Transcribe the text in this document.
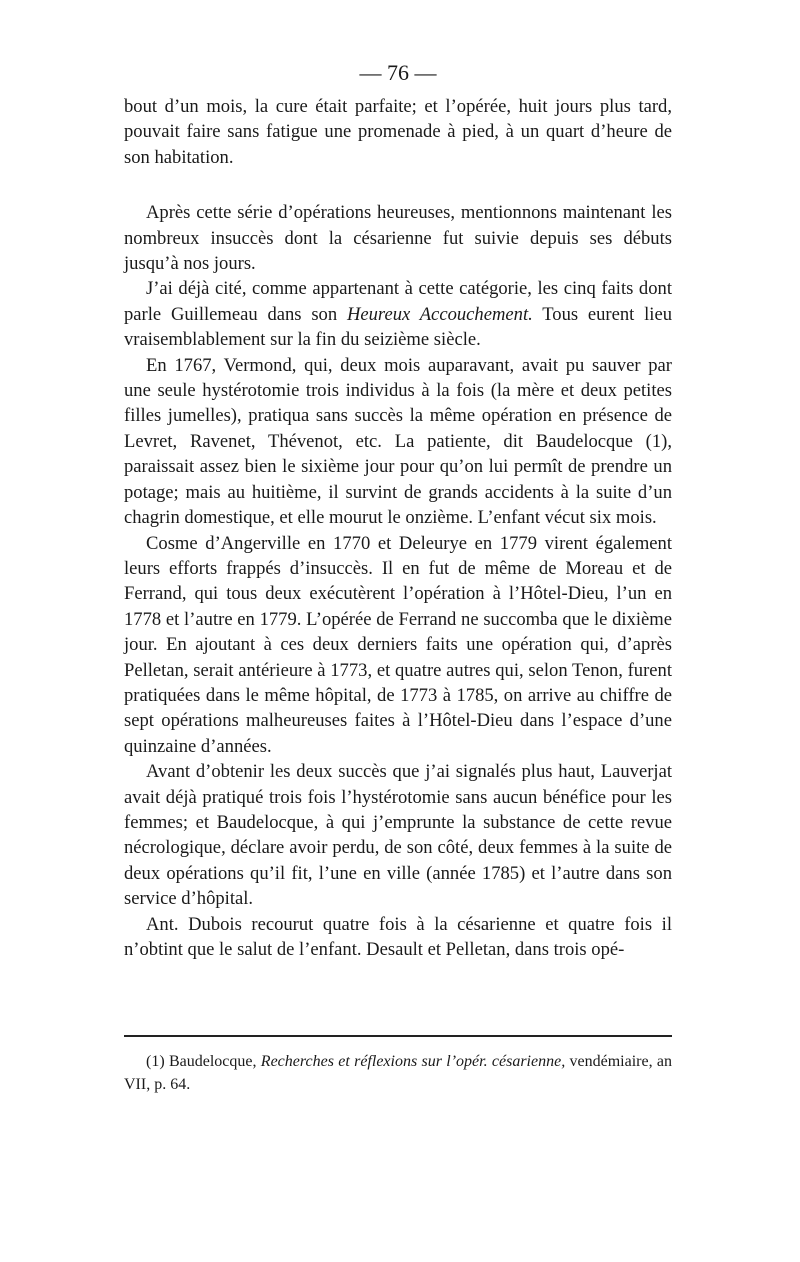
— 76 —

bout d’un mois, la cure était parfaite; et l’opérée, huit jours plus tard, pouvait faire sans fatigue une promenade à pied, à un quart d’heure de son habitation.

Après cette série d’opérations heureuses, mentionnons maintenant les nombreux insuccès dont la césarienne fut suivie depuis ses débuts jusqu’à nos jours.

J’ai déjà cité, comme appartenant à cette catégorie, les cinq faits dont parle Guillemeau dans son Heureux Accouchement. Tous eurent lieu vraisemblablement sur la fin du seizième siècle.

En 1767, Vermond, qui, deux mois auparavant, avait pu sauver par une seule hystérotomie trois individus à la fois (la mère et deux petites filles jumelles), pratiqua sans succès la même opération en présence de Levret, Ravenet, Thévenot, etc. La patiente, dit Baudelocque (1), paraissait assez bien le sixième jour pour qu’on lui permît de prendre un potage; mais au huitième, il survint de grands accidents à la suite d’un chagrin domestique, et elle mourut le onzième. L’enfant vécut six mois.

Cosme d’Angerville en 1770 et Deleurye en 1779 virent également leurs efforts frappés d’insuccès. Il en fut de même de Moreau et de Ferrand, qui tous deux exécutèrent l’opération à l’Hôtel-Dieu, l’un en 1778 et l’autre en 1779. L’opérée de Ferrand ne succomba que le dixième jour. En ajoutant à ces deux derniers faits une opération qui, d’après Pelletan, serait antérieure à 1773, et quatre autres qui, selon Tenon, furent pratiquées dans le même hôpital, de 1773 à 1785, on arrive au chiffre de sept opérations malheureuses faites à l’Hôtel-Dieu dans l’espace d’une quinzaine d’années.

Avant d’obtenir les deux succès que j’ai signalés plus haut, Lauverjat avait déjà pratiqué trois fois l’hystérotomie sans aucun bénéfice pour les femmes; et Baudelocque, à qui j’emprunte la substance de cette revue nécrologique, déclare avoir perdu, de son côté, deux femmes à la suite de deux opérations qu’il fit, l’une en ville (année 1785) et l’autre dans son service d’hôpital.

Ant. Dubois recourut quatre fois à la césarienne et quatre fois il n’obtint que le salut de l’enfant. Desault et Pelletan, dans trois opé-

(1) Baudelocque, Recherches et réflexions sur l’opér. césarienne, vendémiaire, an VII, p. 64.
